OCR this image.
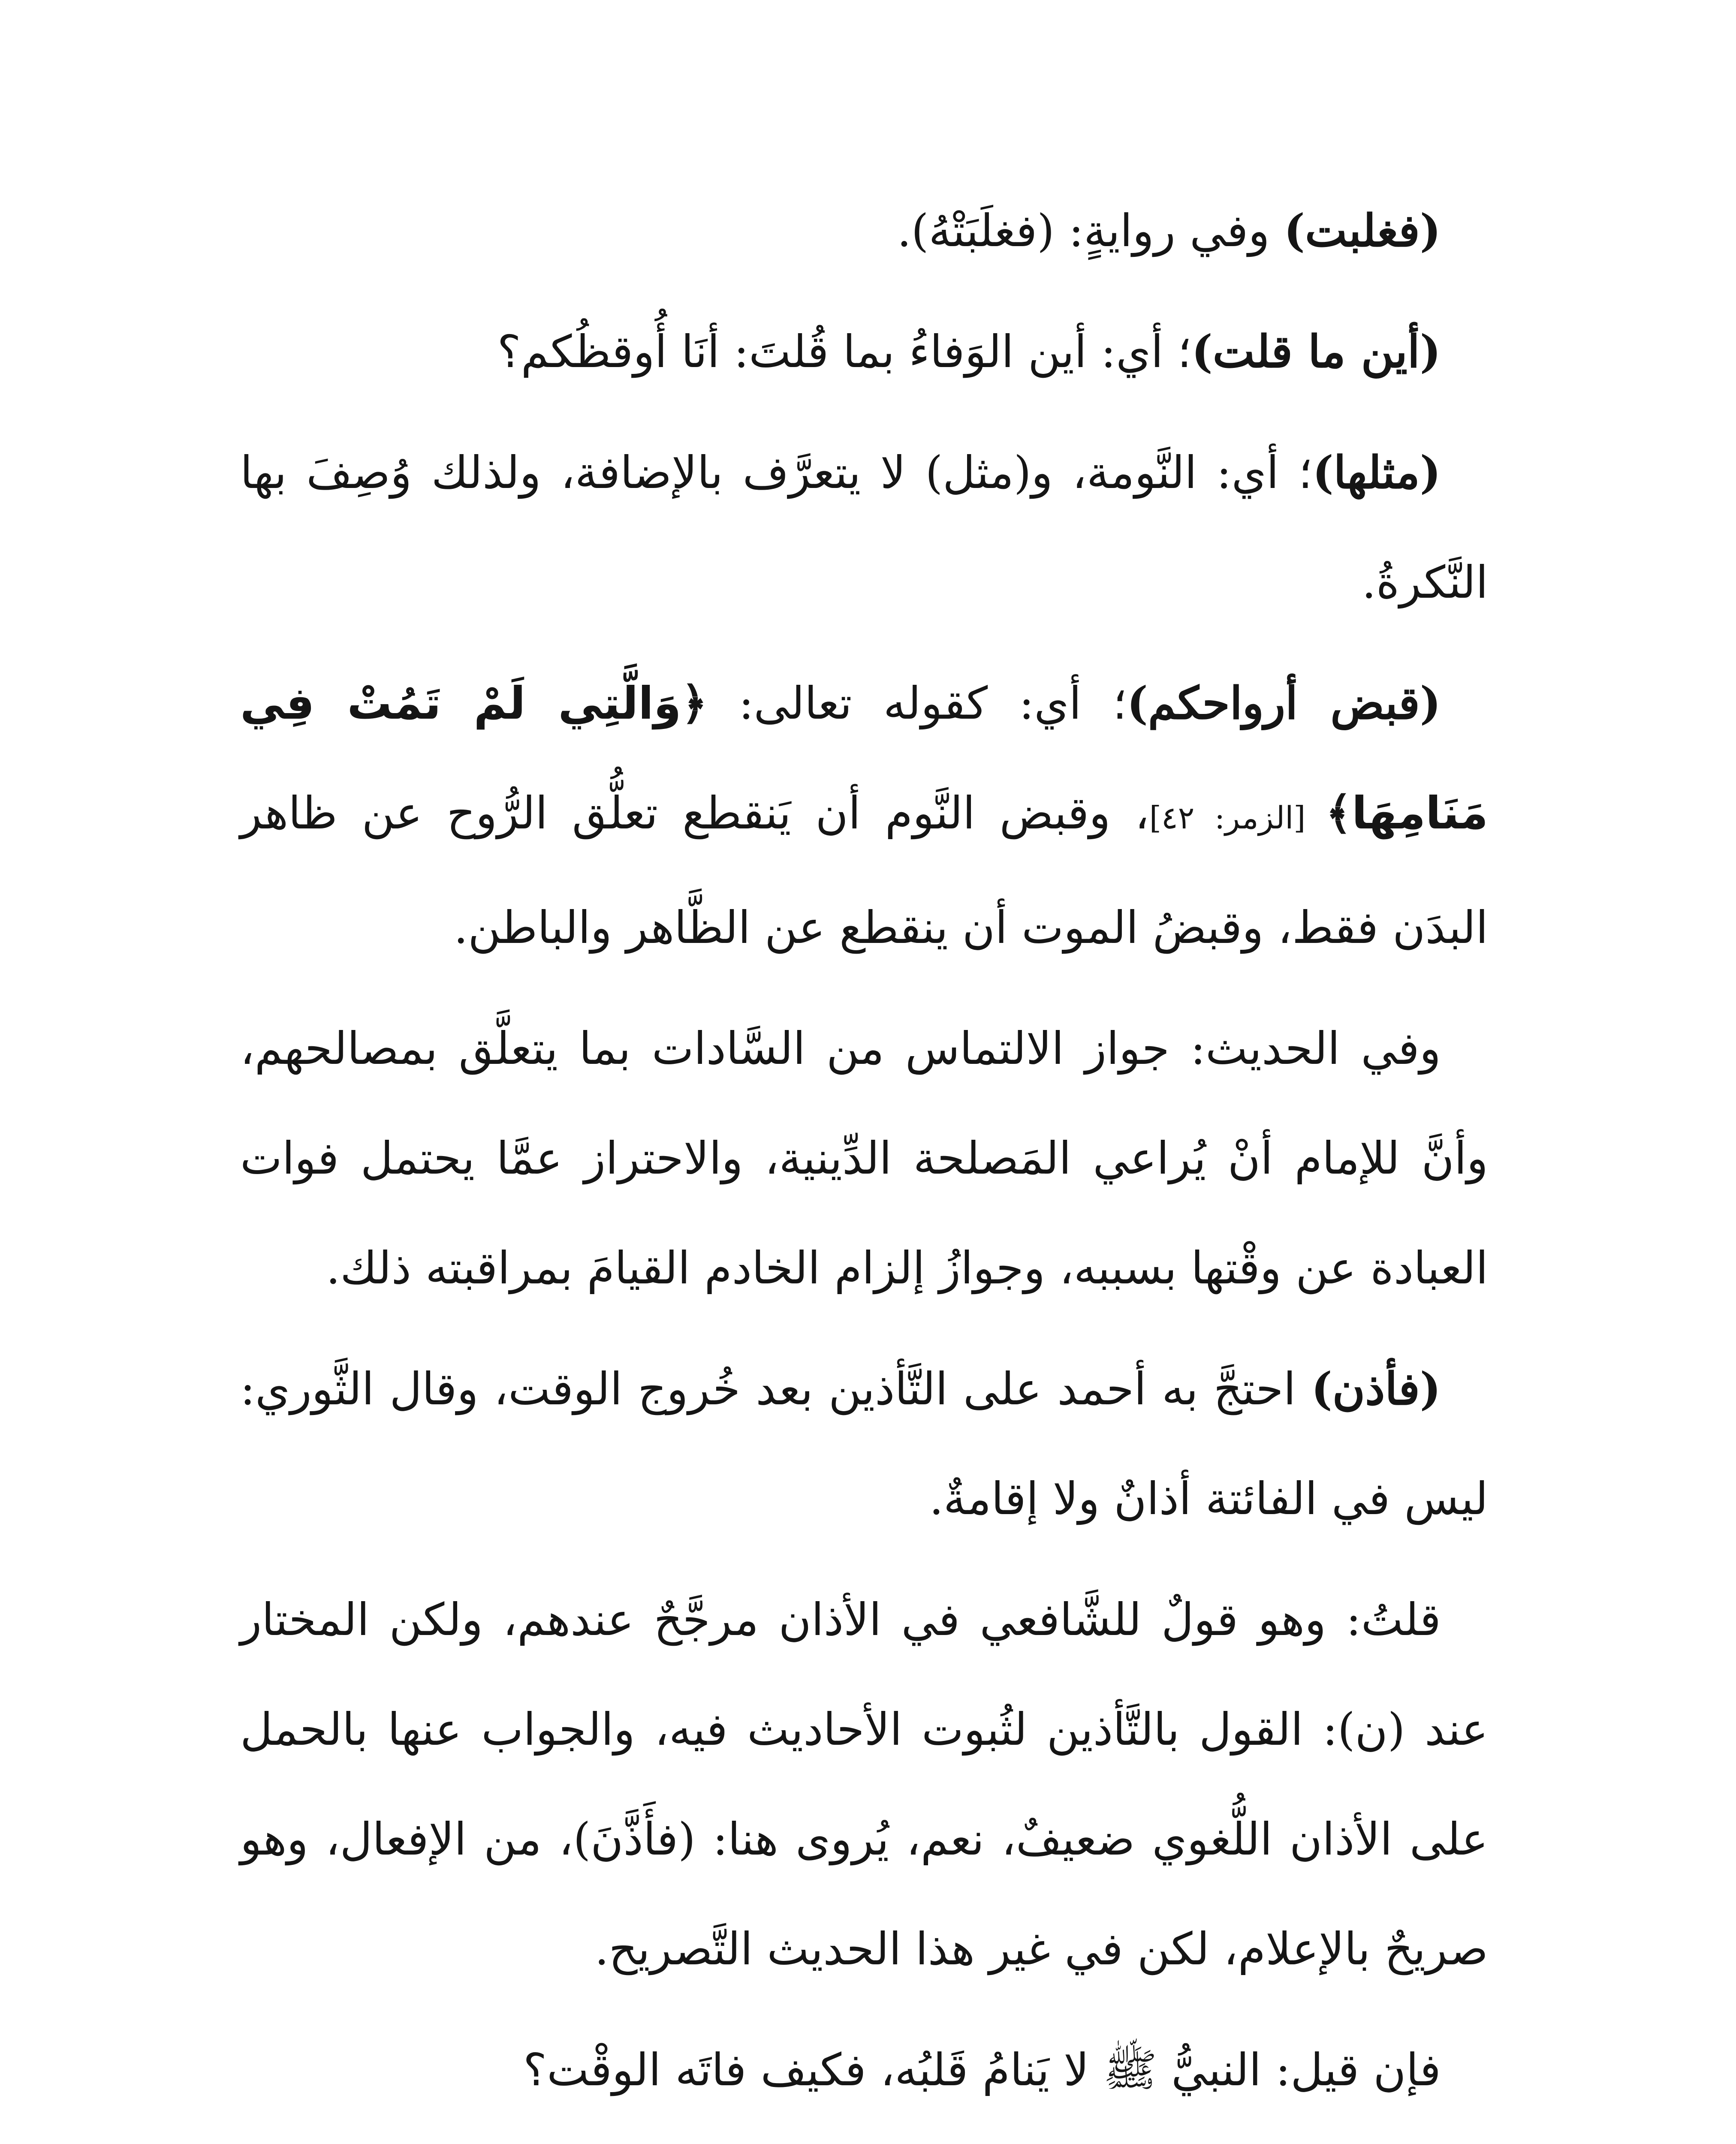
(فغلبت) وفي روايةٍ: (فغلَبَتْهُ).

(أين ما قلت)؛ أي: أين الوَفاءُ بما قُلتَ: أنَا أُوقظُكم؟

(مثلها)؛ أي: النَّومة، و(مثل) لا يتعرَّف بالإضافة، ولذلك وُصِفَ بها النَّكرةُ.

(قبض أرواحكم)؛ أي: كقوله تعالى: ﴿وَالَّتِي لَمْ تَمُتْ فِي مَنَامِهَا﴾ [الزمر: ٤٢]، وقبض النَّوم أن يَنقطع تعلُّق الرُّوح عن ظاهر البدَن فقط، وقبضُ الموت أن ينقطع عن الظَّاهر والباطن.

وفي الحديث: جواز الالتماس من السَّادات بما يتعلَّق بمصالحهم، وأنَّ للإمام أنْ يُراعي المَصلحة الدِّينية، والاحتراز عمَّا يحتمل فوات العبادة عن وقْتها بسببه، وجوازُ إلزام الخادم القيامَ بمراقبته ذلك.

(فأذن) احتجَّ به أحمد على التَّأذين بعد خُروج الوقت، وقال الثَّوري: ليس في الفائتة أذانٌ ولا إقامةٌ.

قلتُ: وهو قولٌ للشَّافعي في الأذان مرجَّحٌ عندهم، ولكن المختار عند (ن): القول بالتَّأذين لثُبوت الأحاديث فيه، والجواب عنها بالحمل على الأذان اللُّغوي ضعيفٌ، نعم، يُروى هنا: (فأَذَّنَ)، من الإفعال، وهو صريحٌ بالإعلام، لكن في غير هذا الحديث التَّصريح.

فإن قيل: النبيُّ ﷺ لا يَنامُ قَلبُه، فكيف فاتَه الوقْت؟
